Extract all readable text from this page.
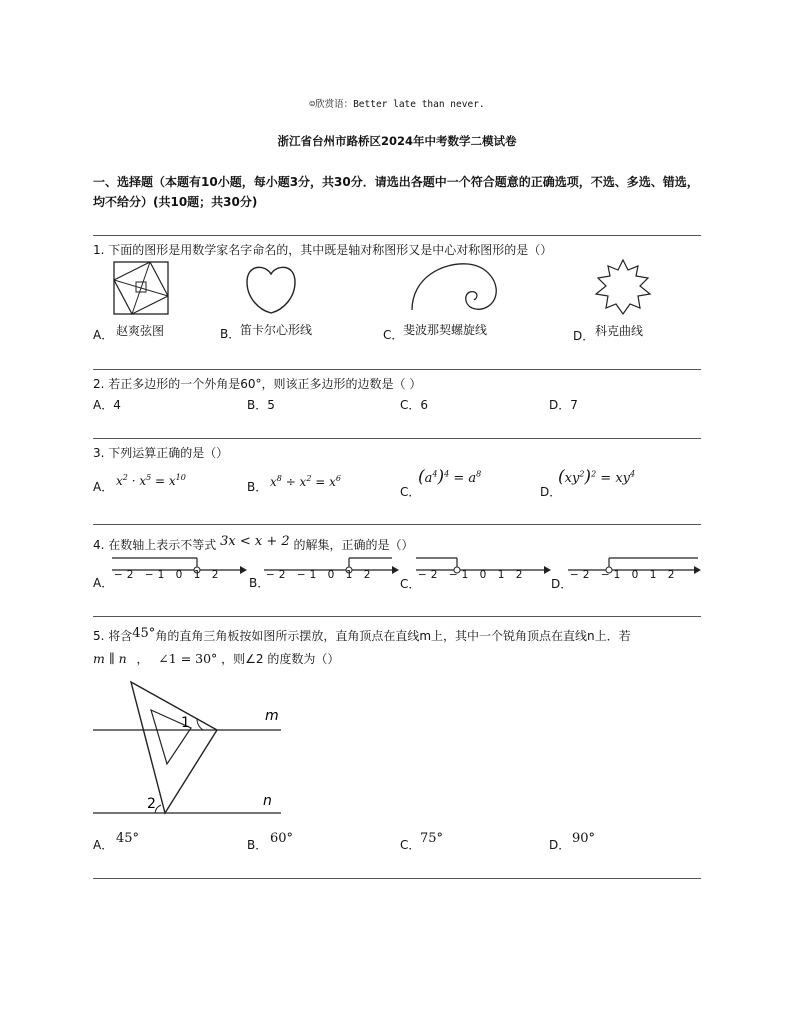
☺欣赏语：Better late than never.
浙江省台州市路桥区2024年中考数学二模试卷
一、选择题（本题有10小题，每小题3分，共30分．请选出各题中一个符合题意的正确选项，不选、多选、错选，均不给分）(共10题；共30分)
1. 下面的图形是用数学家名字命名的，其中既是轴对称图形又是中心对称图形的是（）
A． 赵爽弦图	B． 笛卡尔心形线	C． 斐波那契螺旋线	D． 科克曲线
2. 若正多边形的一个外角是60°，则该正多边形的边数是（ ）
A．4	B．5	C．6	D．7
3. 下列运算正确的是（）
A． $x^2 \cdot x^5 = x^{10}$
B． $x^8 \div x^2 = x^6$
C．
$(a^4)^4 = a^8$
D．
$(xy^2)^2 = xy^4$
4. 在数轴上表示不等式 3x < x + 2 的解集，正确的是（）
A．
−2 −1 0 1 2
B．
−2 −1 0 1 2
C．
−2 −1 0 1 2
D．
−2 −1 0 1 2
5. 将含45°角的直角三角板按如图所示摆放，直角顶点在直线m上，其中一个锐角顶点在直线n上．若
m ∥ n ， ∠1 = 30° ，则∠2 的度数为（）
1
2
m
n
A． 45°	B． 60°	C． 75°	D． 90°
